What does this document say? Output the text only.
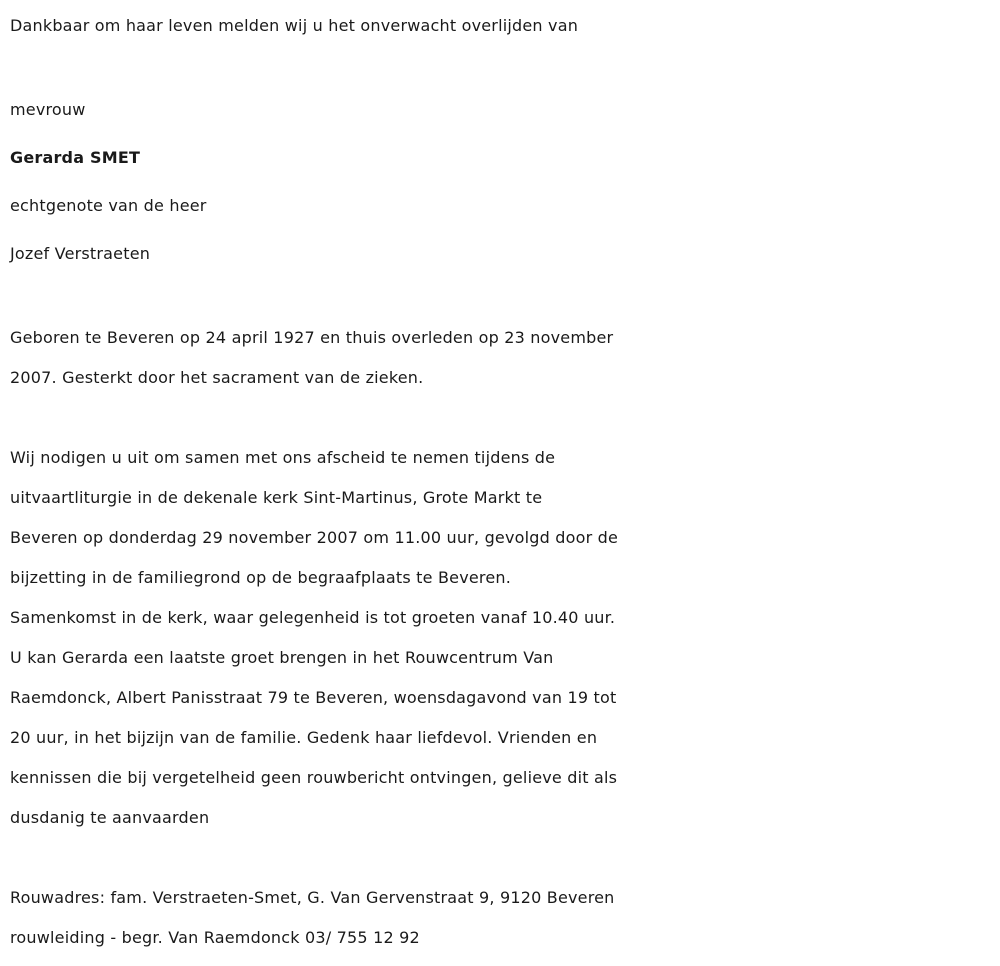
Dankbaar om haar leven melden wij u het onverwacht overlijden van
mevrouw
Gerarda SMET
echtgenote van de heer
Jozef Verstraeten
Geboren te Beveren op 24 april 1927 en thuis overleden op 23 november
2007. Gesterkt door het sacrament van de zieken.
Wij nodigen u uit om samen met ons afscheid te nemen tijdens de
uitvaartliturgie in de dekenale kerk Sint-Martinus, Grote Markt te
Beveren op donderdag 29 november 2007 om 11.00 uur, gevolgd door de
bijzetting in de familiegrond op de begraafplaats te Beveren.
Samenkomst in de kerk, waar gelegenheid is tot groeten vanaf 10.40 uur.
U kan Gerarda een laatste groet brengen in het Rouwcentrum Van
Raemdonck, Albert Panisstraat 79 te Beveren, woensdagavond van 19 tot
20 uur, in het bijzijn van de familie. Gedenk haar liefdevol. Vrienden en
kennissen die bij vergetelheid geen rouwbericht ontvingen, gelieve dit als
dusdanig te aanvaarden
Rouwadres: fam. Verstraeten-Smet, G. Van Gervenstraat 9, 9120 Beveren
rouwleiding - begr. Van Raemdonck 03/ 755 12 92
